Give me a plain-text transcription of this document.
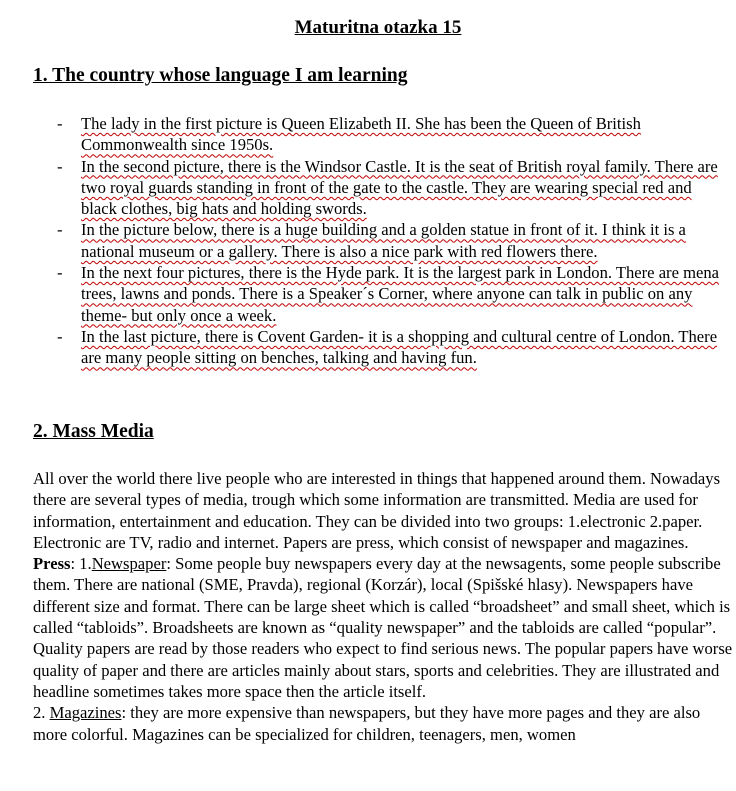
Maturitna otazka 15
1. The country whose language I am learning
- The lady in the first picture is Queen Elizabeth II. She has been the Queen of British Commonwealth since 1950s.
- In the second picture, there is the Windsor Castle. It is the seat of British royal family. There are two royal guards standing in front of the gate to the castle. They are wearing special red and black clothes, big hats and holding swords.
- In the picture below, there is a huge building and a golden statue in front of it. I think it is a national museum or a gallery. There is also a nice park with red flowers there.
- In the next four pictures, there is the Hyde park. It is the largest park in London. There are mena trees, lawns and ponds. There is a Speaker´s Corner, where anyone can talk in public on any theme- but only once a week.
- In the last picture, there is Covent Garden- it is a shopping and cultural centre of London. There are many people sitting on benches, talking and having fun.
2. Mass Media

All over the world there live people who are interested in things that happened around them. Nowadays there are several types of media, trough which some information are transmitted. Media are used for information, entertainment and education. They can be divided into two groups: 1.electronic 2.paper. Electronic are TV, radio and internet. Papers are press, which consist of newspaper and magazines.

Press: 1.Newspaper: Some people buy newspapers every day at the newsagents, some people subscribe them. There are national (SME, Pravda), regional (Korzár), local (Spišské hlasy). Newspapers have different size and format. There can be large sheet which is called “broadsheet” and small sheet, which is called “tabloids”. Broadsheets are known as “quality newspaper” and the tabloids are called “popular”. Quality papers are read by those readers who expect to find serious news. The popular papers have worse quality of paper and there are articles mainly about stars, sports and celebrities. They are illustrated and headline sometimes takes more space then the article itself.

2. Magazines: they are more expensive than newspapers, but they have more pages and they are also more colorful. Magazines can be specialized for children, teenagers, men, women
